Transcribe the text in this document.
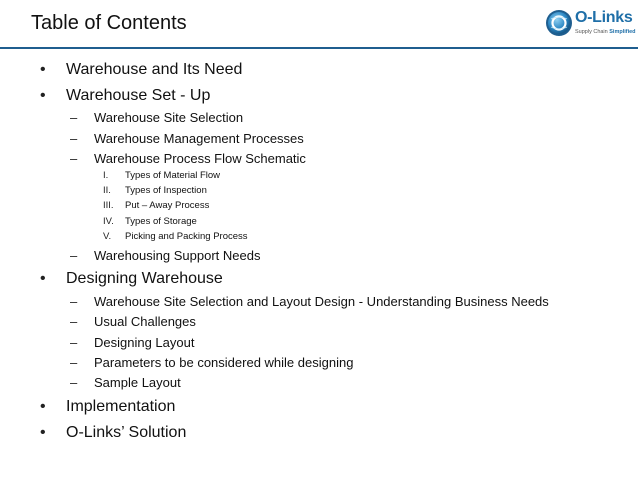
Table of Contents	O-Links
Supply Chain Simplified
•	Warehouse and Its Need
•	Warehouse Set - Up
–	Warehouse Site Selection
–	Warehouse Management Processes
–	Warehouse Process Flow Schematic
I.	Types of Material Flow
II.	Types of Inspection
III.	Put – Away Process
IV.	Types of Storage
V.	Picking and Packing Process
–	Warehousing Support Needs
•	Designing Warehouse
–	Warehouse Site Selection and Layout Design - Understanding Business Needs
–	Usual Challenges
–	Designing Layout
–	Parameters to be considered while designing
–	Sample Layout
•	Implementation
•	O-Links’ Solution
